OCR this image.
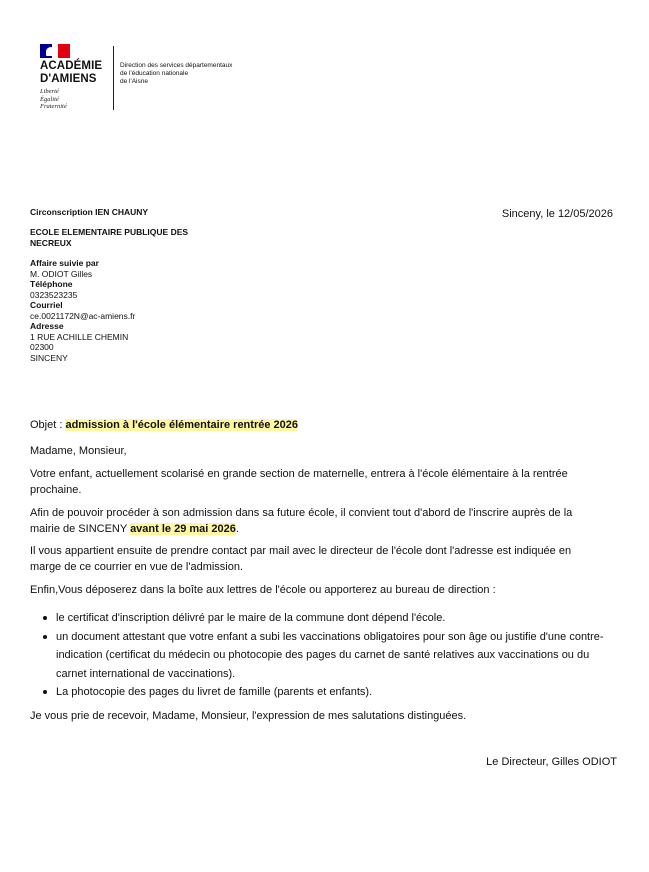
ACADÉMIE
D'AMIENS
Liberté
Égalité
Fraternité
Direction des services départementaux
de l'éducation nationale
de l'Aisne
Circonscription IEN CHAUNY	Sinceny, le 12/05/2026
ECOLE ELEMENTAIRE PUBLIQUE DES NECREUX
Affaire suivie par
M. ODIOT Gilles
Téléphone
0323523235
Courriel
ce.0021172N@ac-amiens.fr
Adresse
1 RUE ACHILLE CHEMIN
02300
SINCENY
Objet : admission à l'école élémentaire rentrée 2026
Madame, Monsieur,
Votre enfant, actuellement scolarisé en grande section de maternelle, entrera à l'école élémentaire à la rentrée prochaine.
Afin de pouvoir procéder à son admission dans sa future école, il convient tout d'abord de l'inscrire auprès de la mairie de SINCENY avant le 29 mai 2026.
Il vous appartient ensuite de prendre contact par mail avec le directeur de l'école dont l'adresse est indiquée en marge de ce courrier en vue de l'admission.
Enfin,Vous déposerez dans la boîte aux lettres de l'école ou apporterez au bureau de direction :
le certificat d'inscription délivré par le maire de la commune dont dépend l'école.
un document attestant que votre enfant a subi les vaccinations obligatoires pour son âge ou justifie d'une contre-indication (certificat du médecin ou photocopie des pages du carnet de santé relatives aux vaccinations ou du carnet international de vaccinations).
La photocopie des pages du livret de famille (parents et enfants).
Je vous prie de recevoir, Madame, Monsieur, l'expression de mes salutations distinguées.
Le Directeur, Gilles ODIOT
